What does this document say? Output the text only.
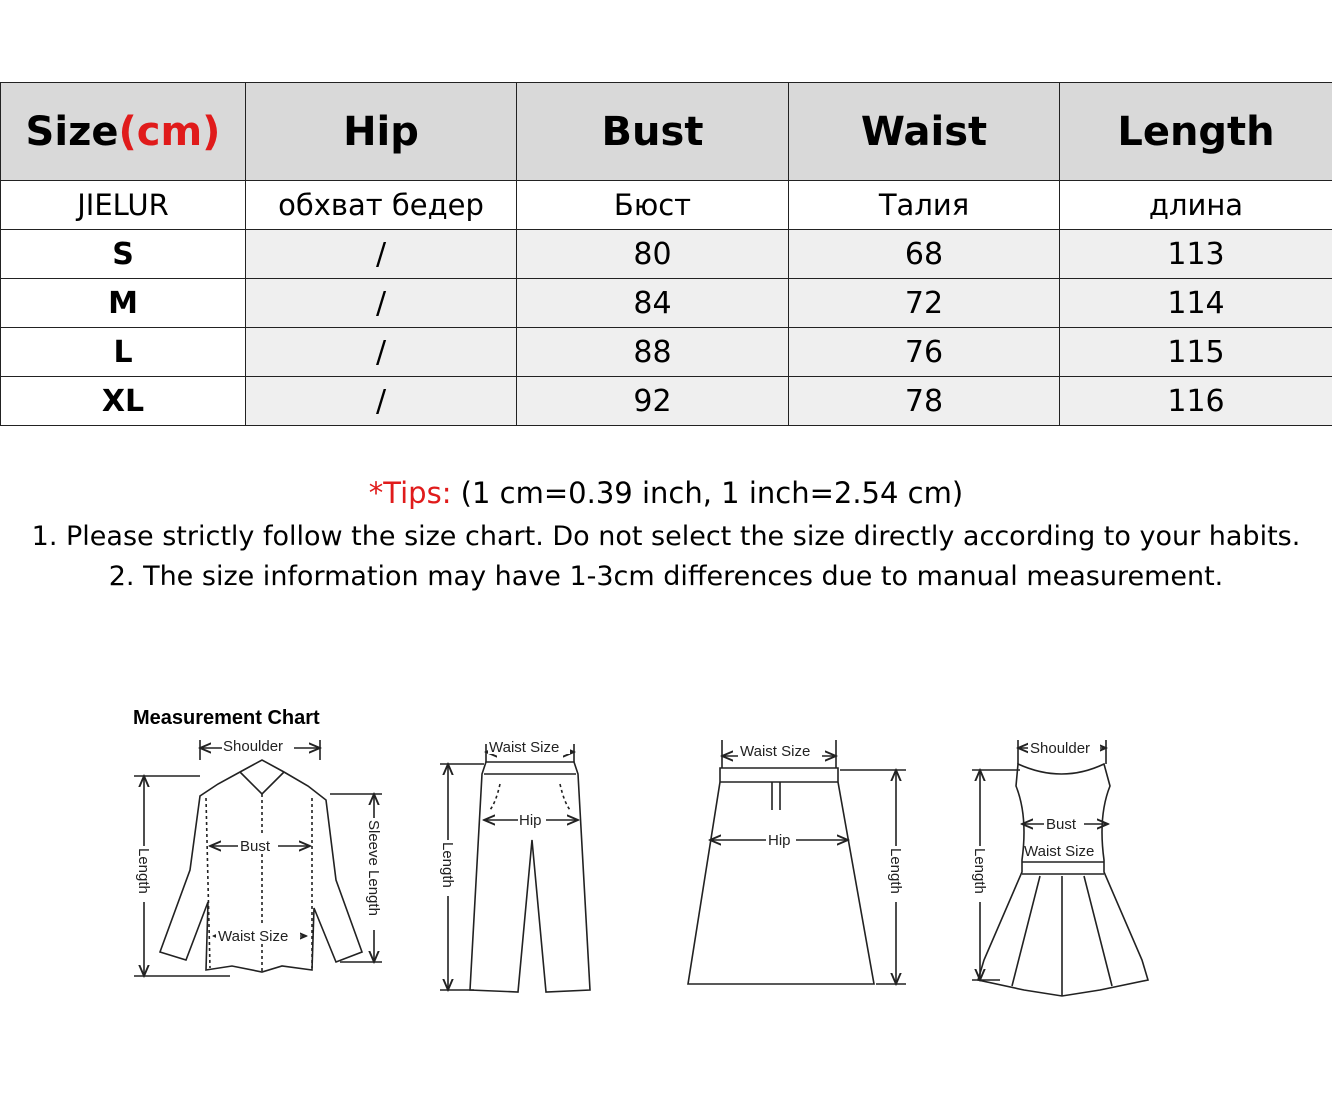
Size(cm)	Hip	Bust	Waist	Length
JIELUR	обхват бедер	Бюст	Талия	длина
S	/	80	68	113
M	/	84	72	114
L	/	88	76	115
XL	/	92	78	116
*Tips: (1 cm=0.39 inch, 1 inch=2.54 cm)
1. Please strictly follow the size chart. Do not select the size directly according to your habits.
2. The size information may have 1-3cm differences due to manual measurement.
Measurement Chart
Shoulder
Bust
Waist Size
Length	Sleeve Length
Waist Size
Hip
Length
Waist Size
Hip
Length
Shoulder
Bust
Waist Size
Length
